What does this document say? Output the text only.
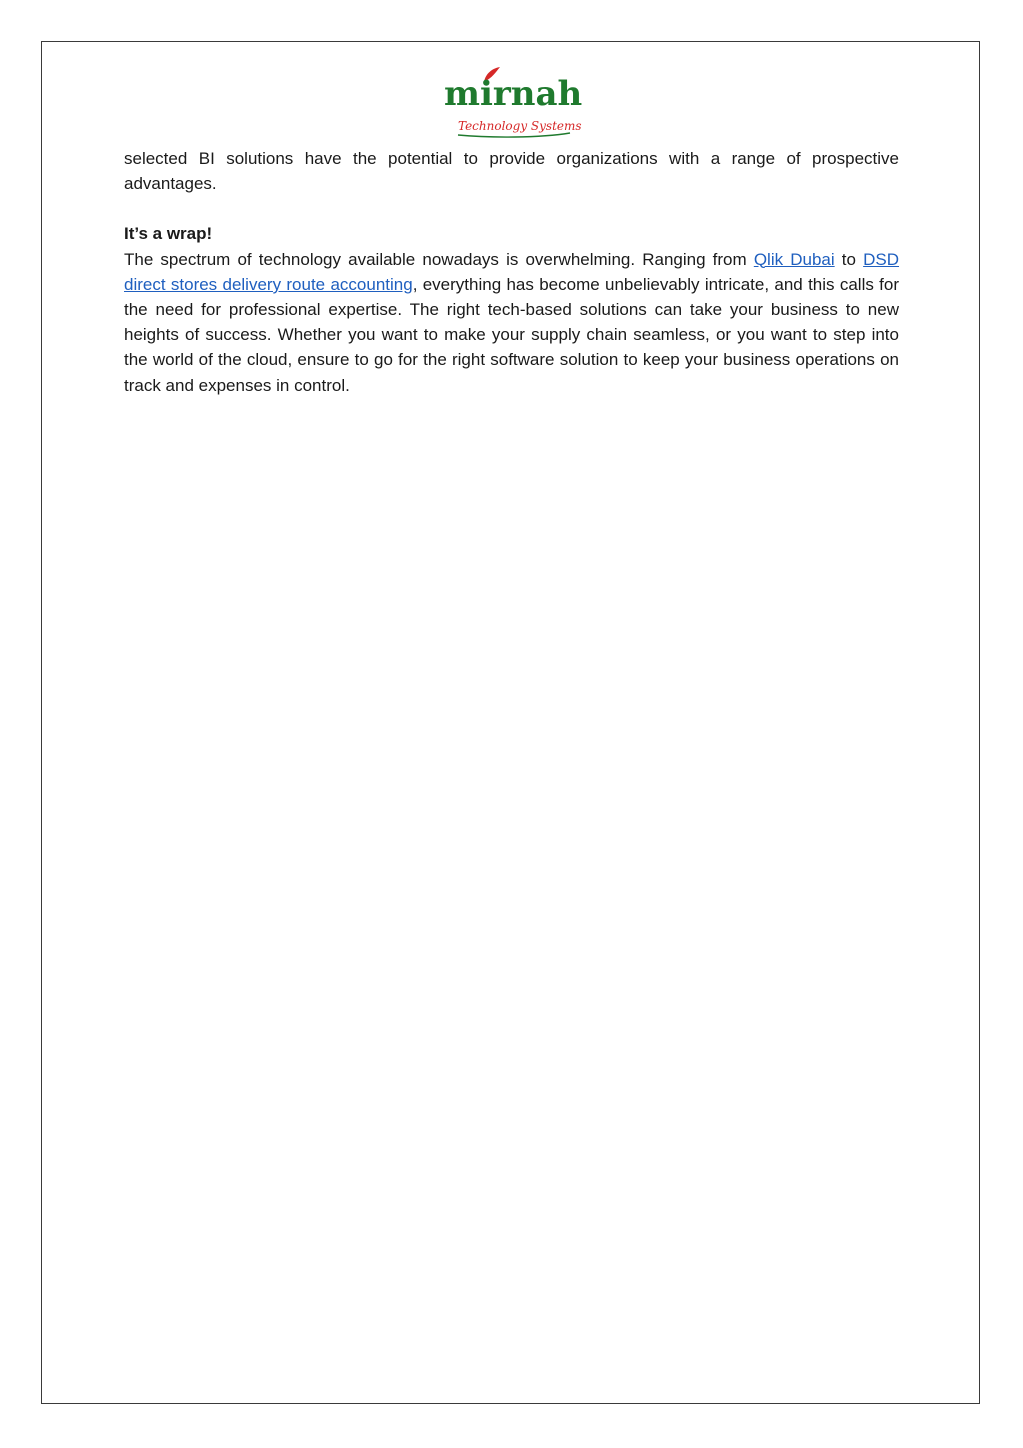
mirnah
Technology Systems

selected BI solutions have the potential to provide organizations with a range of prospective advantages.

It’s a wrap!

The spectrum of technology available nowadays is overwhelming. Ranging from Qlik Dubai to DSD direct stores delivery route accounting, everything has become unbelievably intricate, and this calls for the need for professional expertise. The right tech-based solutions can take your business to new heights of success. Whether you want to make your supply chain seamless, or you want to step into the world of the cloud, ensure to go for the right software solution to keep your business operations on track and expenses in control.
